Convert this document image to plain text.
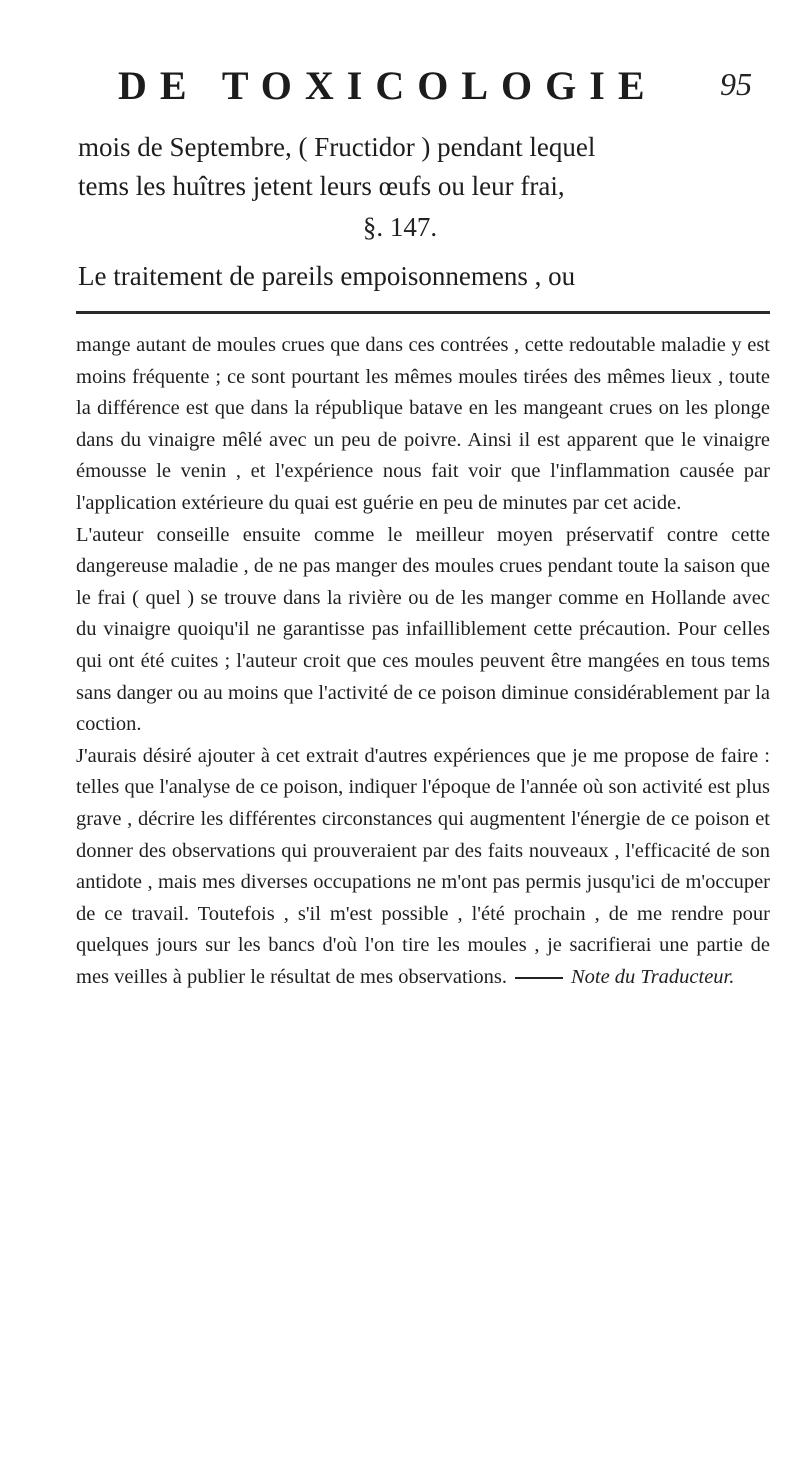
DE TOXICOLOGIE	95
mois de Septembre, ( Fructidor ) pendant lequel
tems les huîtres jetent leurs œufs ou leur frai,
§. 147.
Le traitement de pareils empoisonnemens , ou

mange autant de moules crues que dans ces contrées , cette redoutable maladie y est moins fréquente ; ce sont pourtant les mêmes moules tirées des mêmes lieux , toute la différence est que dans la république batave en les mangeant crues on les plonge dans du vinaigre mêlé avec un peu de poivre. Ainsi il est apparent que le vinaigre émousse le venin , et l'expérience nous fait voir que l'inflammation causée par l'application extérieure du quai est guérie en peu de minutes par cet acide.

L'auteur conseille ensuite comme le meilleur moyen préservatif contre cette dangereuse maladie , de ne pas manger des moules crues pendant toute la saison que le frai ( quel ) se trouve dans la rivière ou de les manger comme en Hollande avec du vinaigre quoiqu'il ne garantisse pas infailliblement cette précaution. Pour celles qui ont été cuites ; l'auteur croit que ces moules peuvent être mangées en tous tems sans danger ou au moins que l'activité de ce poison diminue considérablement par la coction.

J'aurais désiré ajouter à cet extrait d'autres expériences que je me propose de faire : telles que l'analyse de ce poison, indiquer l'époque de l'année où son activité est plus grave , décrire les différentes circonstances qui augmentent l'énergie de ce poison et donner des observations qui prouveraient par des faits nouveaux , l'efficacité de son antidote , mais mes diverses occupations ne m'ont pas permis jusqu'ici de m'occuper de ce travail. Toutefois , s'il m'est possible , l'été prochain , de me rendre pour quelques jours sur les bancs d'où l'on tire les moules , je sacrifierai une partie de mes veilles à publier le résultat de mes observations.	Note du Traducteur.
